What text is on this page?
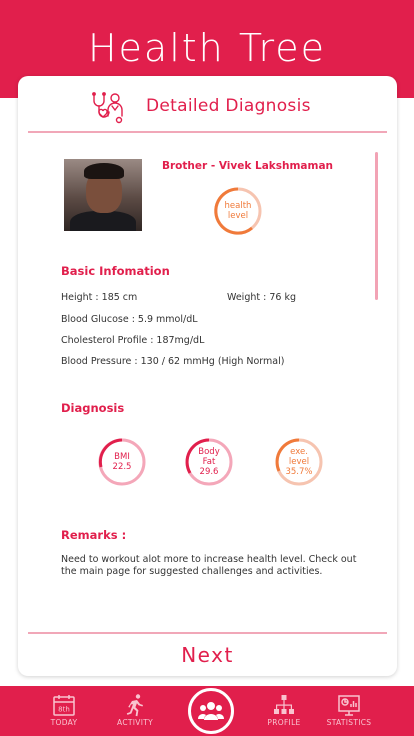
Health Tree
Detailed Diagnosis
Brother - Vivek Lakshmaman
health
level
Basic Infomation
Height : 185 cm	Weight : 76 kg
Blood Glucose : 5.9 mmol/dL
Cholesterol Profile : 187mg/dL
Blood Pressure : 130 / 62 mmHg (High Normal)
Diagnosis
BMI
22.5
Body
Fat
29.6
exe.
level
35.7%
Remarks :
Need to workout alot more to increase health level. Check out the main page for suggested challenges and activities.
Next
8th
TODAY	ACTIVITY	PROFILE	STATISTICS
